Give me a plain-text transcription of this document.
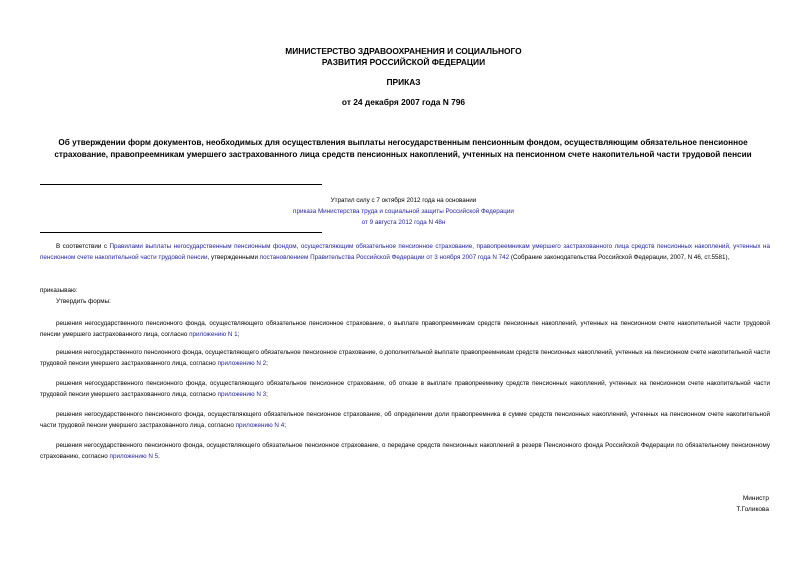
МИНИСТЕРСТВО ЗДРАВООХРАНЕНИЯ И СОЦИАЛЬНОГО
РАЗВИТИЯ РОССИЙСКОЙ ФЕДЕРАЦИИ
ПРИКАЗ
от 24 декабря 2007 года N 796
Об утверждении форм документов, необходимых для осуществления выплаты негосударственным пенсионным фондом, осуществляющим обязательное пенсионное страхование, правопреемникам умершего застрахованного лица средств пенсионных накоплений, учтенных на пенсионном счете накопительной части трудовой пенсии
Утратил силу с 7 октября 2012 года на основании
приказа Министерства труда и социальной защиты Российской Федерации
от 9 августа 2012 года N 48н
В соответствии с Правилами выплаты негосударственным пенсионным фондом, осуществляющим обязательное пенсионное страхование, правопреемникам умершего застрахованного лица средств пенсионных накоплений, учтенных на пенсионном счете накопительной части трудовой пенсии, утвержденными постановлением Правительства Российской Федерации от 3 ноября 2007 года N 742 (Собрание законодательства Российской Федерации, 2007, N 46, ст.5581),
приказываю:
Утвердить формы:
решения негосударственного пенсионного фонда, осуществляющего обязательное пенсионное страхование, о выплате правопреемникам средств пенсионных накоплений, учтенных на пенсионном счете накопительной части трудовой пенсии умершего застрахованного лица, согласно приложению N 1;
решения негосударственного пенсионного фонда, осуществляющего обязательное пенсионное страхование, о дополнительной выплате правопреемникам средств пенсионных накоплений, учтенных на пенсионном счете накопительной части трудовой пенсии умершего застрахованного лица, согласно приложению N 2;
решения негосударственного пенсионного фонда, осуществляющего обязательное пенсионное страхование, об отказе в выплате правопреемнику средств пенсионных накоплений, учтенных на пенсионном счете накопительной части трудовой пенсии умершего застрахованного лица, согласно приложению N 3;
решения негосударственного пенсионного фонда, осуществляющего обязательное пенсионное страхование, об определении доли правопреемника в сумме средств пенсионных накоплений, учтенных на пенсионном счете накопительной части трудовой пенсии умершего застрахованного лица, согласно приложению N 4;
решения негосударственного пенсионного фонда, осуществляющего обязательное пенсионное страхование, о передаче средств пенсионных накоплений в резерв Пенсионного фонда Российской Федерации по обязательному пенсионному страхованию, согласно приложению N 5.
Министр
Т.Голикова
